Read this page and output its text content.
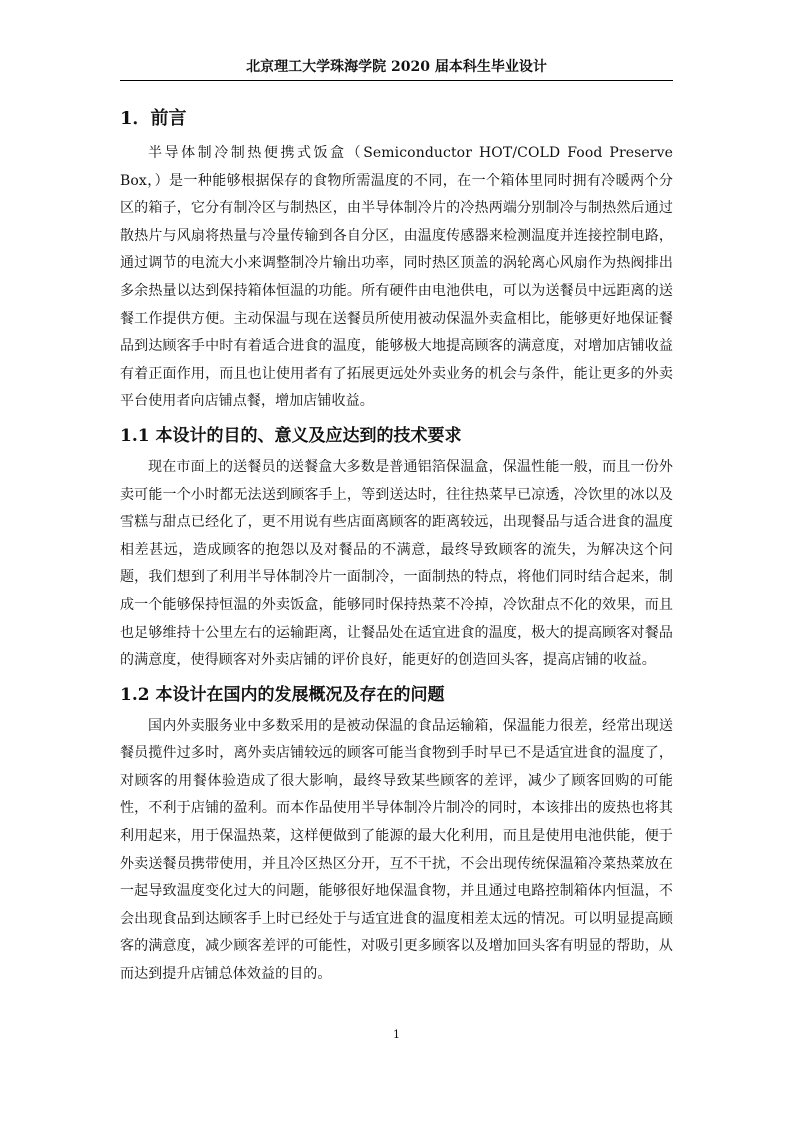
北京理工大学珠海学院 2020 届本科生毕业设计
1．前言

半导体制冷制热便携式饭盒（Semiconductor HOT/COLD Food Preserve Box，）是一种能够根据保存的食物所需温度的不同，在一个箱体里同时拥有冷暖两个分区的箱子，它分有制冷区与制热区，由半导体制冷片的冷热两端分别制冷与制热然后通过散热片与风扇将热量与冷量传输到各自分区，由温度传感器来检测温度并连接控制电路，通过调节的电流大小来调整制冷片输出功率，同时热区顶盖的涡轮离心风扇作为热阀排出多余热量以达到保持箱体恒温的功能。所有硬件由电池供电，可以为送餐员中远距离的送餐工作提供方便。主动保温与现在送餐员所使用被动保温外卖盒相比，能够更好地保证餐品到达顾客手中时有着适合进食的温度，能够极大地提高顾客的满意度，对增加店铺收益有着正面作用，而且也让使用者有了拓展更远处外卖业务的机会与条件，能让更多的外卖平台使用者向店铺点餐，增加店铺收益。

1.1 本设计的目的、意义及应达到的技术要求

现在市面上的送餐员的送餐盒大多数是普通铝箔保温盒，保温性能一般，而且一份外卖可能一个小时都无法送到顾客手上，等到送达时，往往热菜早已凉透，冷饮里的冰以及雪糕与甜点已经化了，更不用说有些店面离顾客的距离较远，出现餐品与适合进食的温度相差甚远，造成顾客的抱怨以及对餐品的不满意，最终导致顾客的流失，为解决这个问题，我们想到了利用半导体制冷片一面制冷，一面制热的特点，将他们同时结合起来，制成一个能够保持恒温的外卖饭盒，能够同时保持热菜不冷掉，冷饮甜点不化的效果，而且也足够维持十公里左右的运输距离，让餐品处在适宜进食的温度，极大的提高顾客对餐品的满意度，使得顾客对外卖店铺的评价良好，能更好的创造回头客，提高店铺的收益。

1.2 本设计在国内的发展概况及存在的问题

国内外卖服务业中多数采用的是被动保温的食品运输箱，保温能力很差，经常出现送餐员揽件过多时，离外卖店铺较远的顾客可能当食物到手时早已不是适宜进食的温度了，对顾客的用餐体验造成了很大影响，最终导致某些顾客的差评，减少了顾客回购的可能性，不利于店铺的盈利。而本作品使用半导体制冷片制冷的同时，本该排出的废热也将其利用起来，用于保温热菜，这样便做到了能源的最大化利用，而且是使用电池供能，便于外卖送餐员携带使用，并且冷区热区分开，互不干扰，不会出现传统保温箱冷菜热菜放在一起导致温度变化过大的问题，能够很好地保温食物，并且通过电路控制箱体内恒温，不会出现食品到达顾客手上时已经处于与适宜进食的温度相差太远的情况。可以明显提高顾客的满意度，减少顾客差评的可能性，对吸引更多顾客以及增加回头客有明显的帮助，从而达到提升店铺总体效益的目的。

1
